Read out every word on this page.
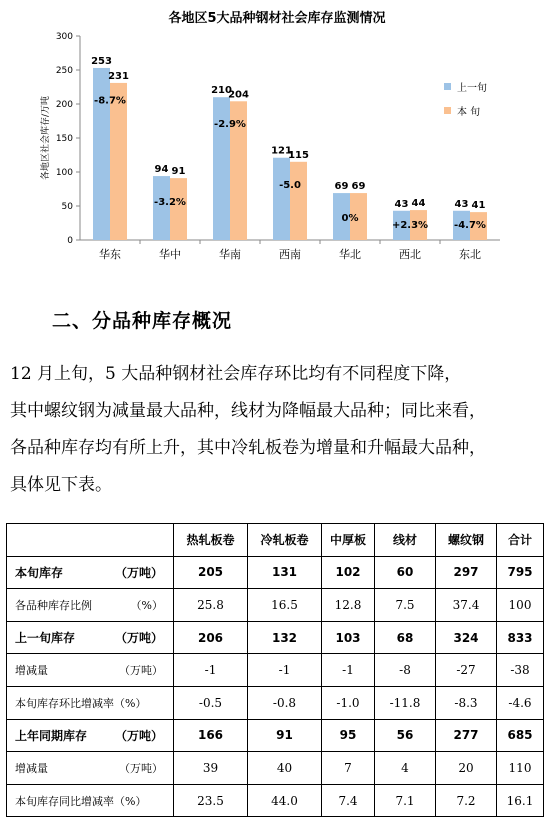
各地区5大品种钢材社会库存监测情况
各地区社会库存/万吨
0
50
100
150
200
250
300
华东	华中	华南	西南	华北	西北	东北
253
231
-8.7%
94 91
-3.2%
210
204
-2.9%
121
115
-5.0	69 69
0%
43 44
+2.3%
43 41
-4.7%
上一旬
本 旬
二、分品种库存概况
12 月上旬，5 大品种钢材社会库存环比均有不同程度下降，
其中螺纹钢为减量最大品种，线材为降幅最大品种；同比来看，
各品种库存均有所上升，其中冷轧板卷为增量和升幅最大品种，
具体见下表。
	热轧板卷	冷轧板卷	中厚板	线材	螺纹钢	合计
本旬库存 （万吨）	205	131	102	60	297	795
各品种库存比例 （%）	25.8	16.5	12.8	7.5	37.4	100
上一旬库存 （万吨）	206	132	103	68	324	833
增减量 （万吨）	-1	-1	-1	-8	-27	-38
本旬库存环比增减率（%）	-0.5	-0.8	-1.0	-11.8	-8.3	-4.6
上年同期库存 （万吨）	166	91	95	56	277	685
增减量 （万吨）	39	40	7	4	20	110
本旬库存同比增减率（%）	23.5	44.0	7.4	7.1	7.2	16.1
